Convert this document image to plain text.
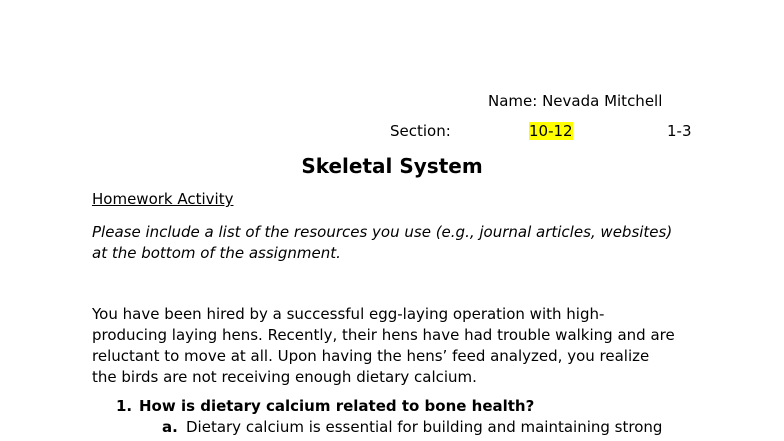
Name: Nevada Mitchell
Section:	10-12	1-3
Skeletal System
Homework Activity
Please include a list of the resources you use (e.g., journal articles, websites)
at the bottom of the assignment.
You have been hired by a successful egg-laying operation with high-
producing laying hens. Recently, their hens have had trouble walking and are
reluctant to move at all. Upon having the hens’ feed analyzed, you realize
the birds are not receiving enough dietary calcium.
1. How is dietary calcium related to bone health?
a. Dietary calcium is essential for building and maintaining strong
